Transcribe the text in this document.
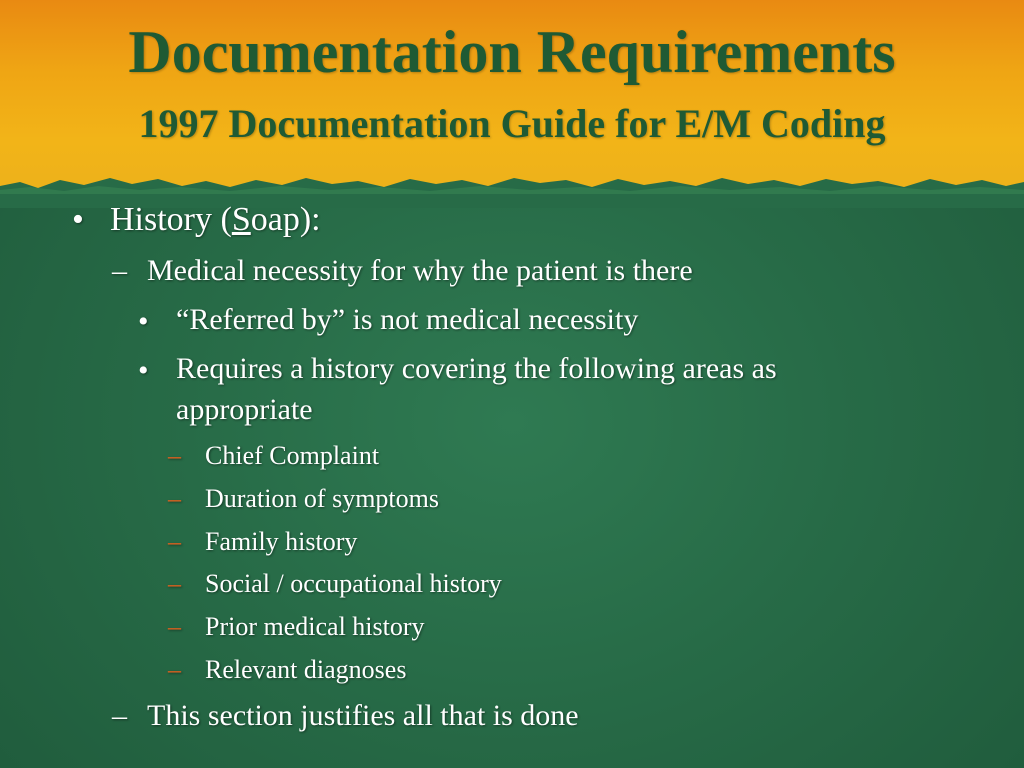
Documentation Requirements
1997 Documentation Guide for E/M Coding
• History (Soap):

– Medical necessity for why the patient is there

• “Referred by” is not medical necessity

• Requires a history covering the following areas as

appropriate

– Chief Complaint

– Duration of symptoms

– Family history

– Social / occupational history

– Prior medical history

– Relevant diagnoses

– This section justifies all that is done
